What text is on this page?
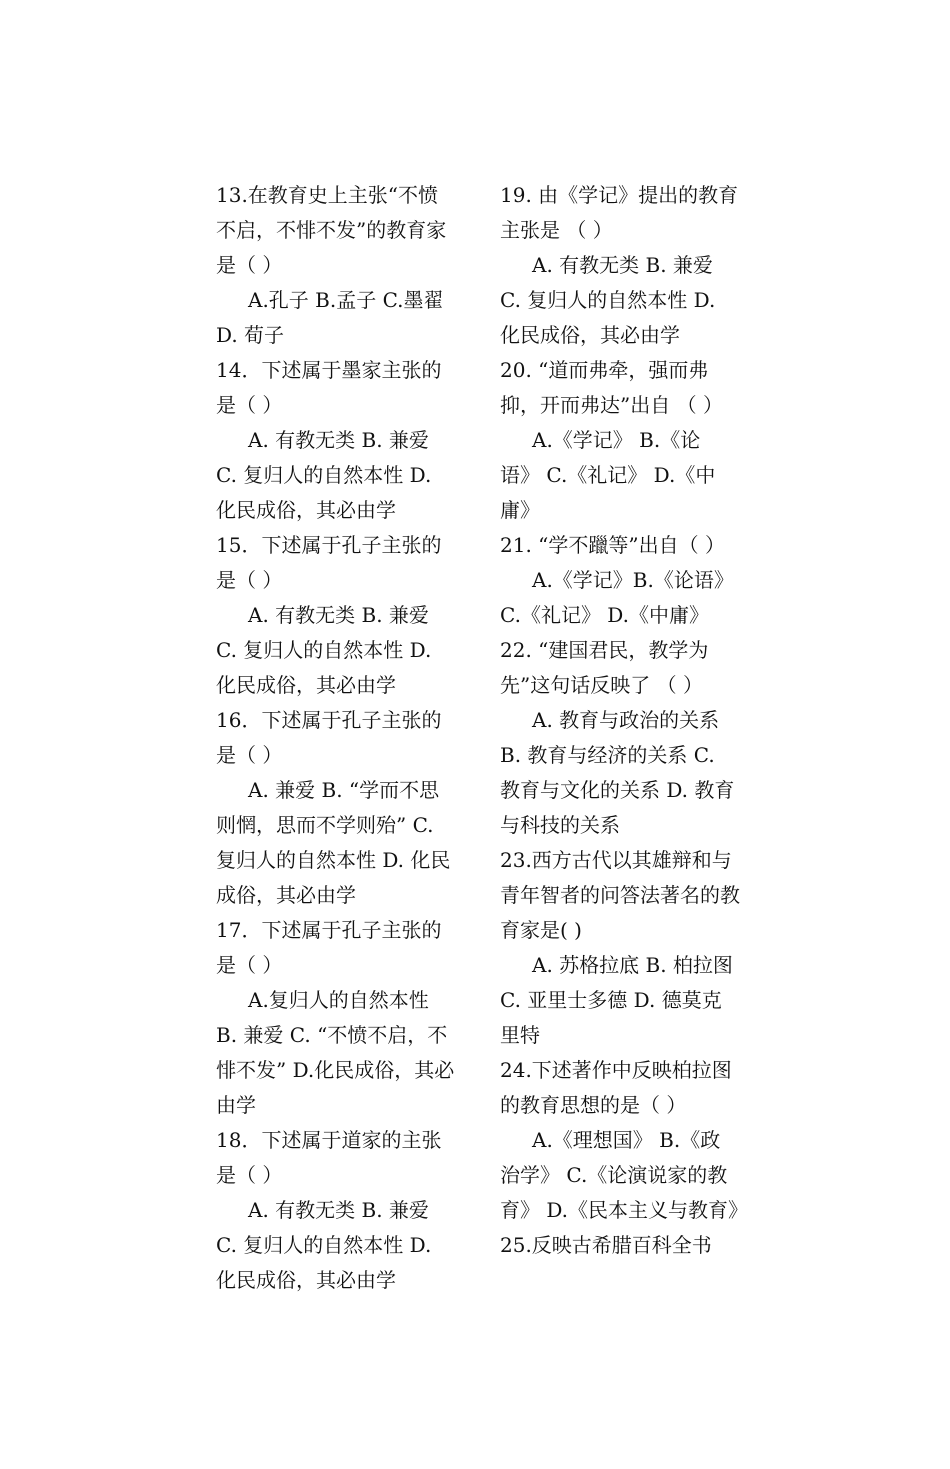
13.在教育史上主张“不愤不启，不悱不发”的教育家是（ ）

A.孔子 B.孟子 C.墨翟 D. 荀子

14．下述属于墨家主张的是（ ）

A. 有教无类 B. 兼爱 C. 复归人的自然本性 D. 化民成俗，其必由学

15．下述属于孔子主张的是（ ）

A. 有教无类 B. 兼爱 C. 复归人的自然本性 D. 化民成俗，其必由学

16．下述属于孔子主张的是（ ）

A. 兼爱 B. “学而不思则惘，思而不学则殆” C. 复归人的自然本性 D. 化民成俗，其必由学

17．下述属于孔子主张的是（ ）

A.复归人的自然本性 B. 兼爱 C. “不愤不启，不悱不发” D.化民成俗，其必由学

18．下述属于道家的主张是（ ）

A. 有教无类 B. 兼爱 C. 复归人的自然本性 D. 化民成俗，其必由学

19. 由《学记》提出的教育主张是 （ ）

A. 有教无类 B. 兼爱 C. 复归人的自然本性 D. 化民成俗，其必由学

20. “道而弗牵，强而弗抑，开而弗达”出自 （ ）

A.《学记》 B.《论语》 C.《礼记》 D.《中庸》

21. “学不躐等”出自（ ）

A.《学记》B.《论语》 C.《礼记》 D.《中庸》

22. “建国君民，教学为先”这句话反映了 （ ）

A. 教育与政治的关系 B. 教育与经济的关系 C. 教育与文化的关系 D. 教育与科技的关系

23.西方古代以其雄辩和与青年智者的问答法著名的教育家是( )

A. 苏格拉底 B. 柏拉图 C. 亚里士多德 D. 德莫克里特

24.下述著作中反映柏拉图的教育思想的是（ ）

A.《理想国》 B.《政治学》 C.《论演说家的教育》 D.《民本主义与教育》

25.反映古希腊百科全书
